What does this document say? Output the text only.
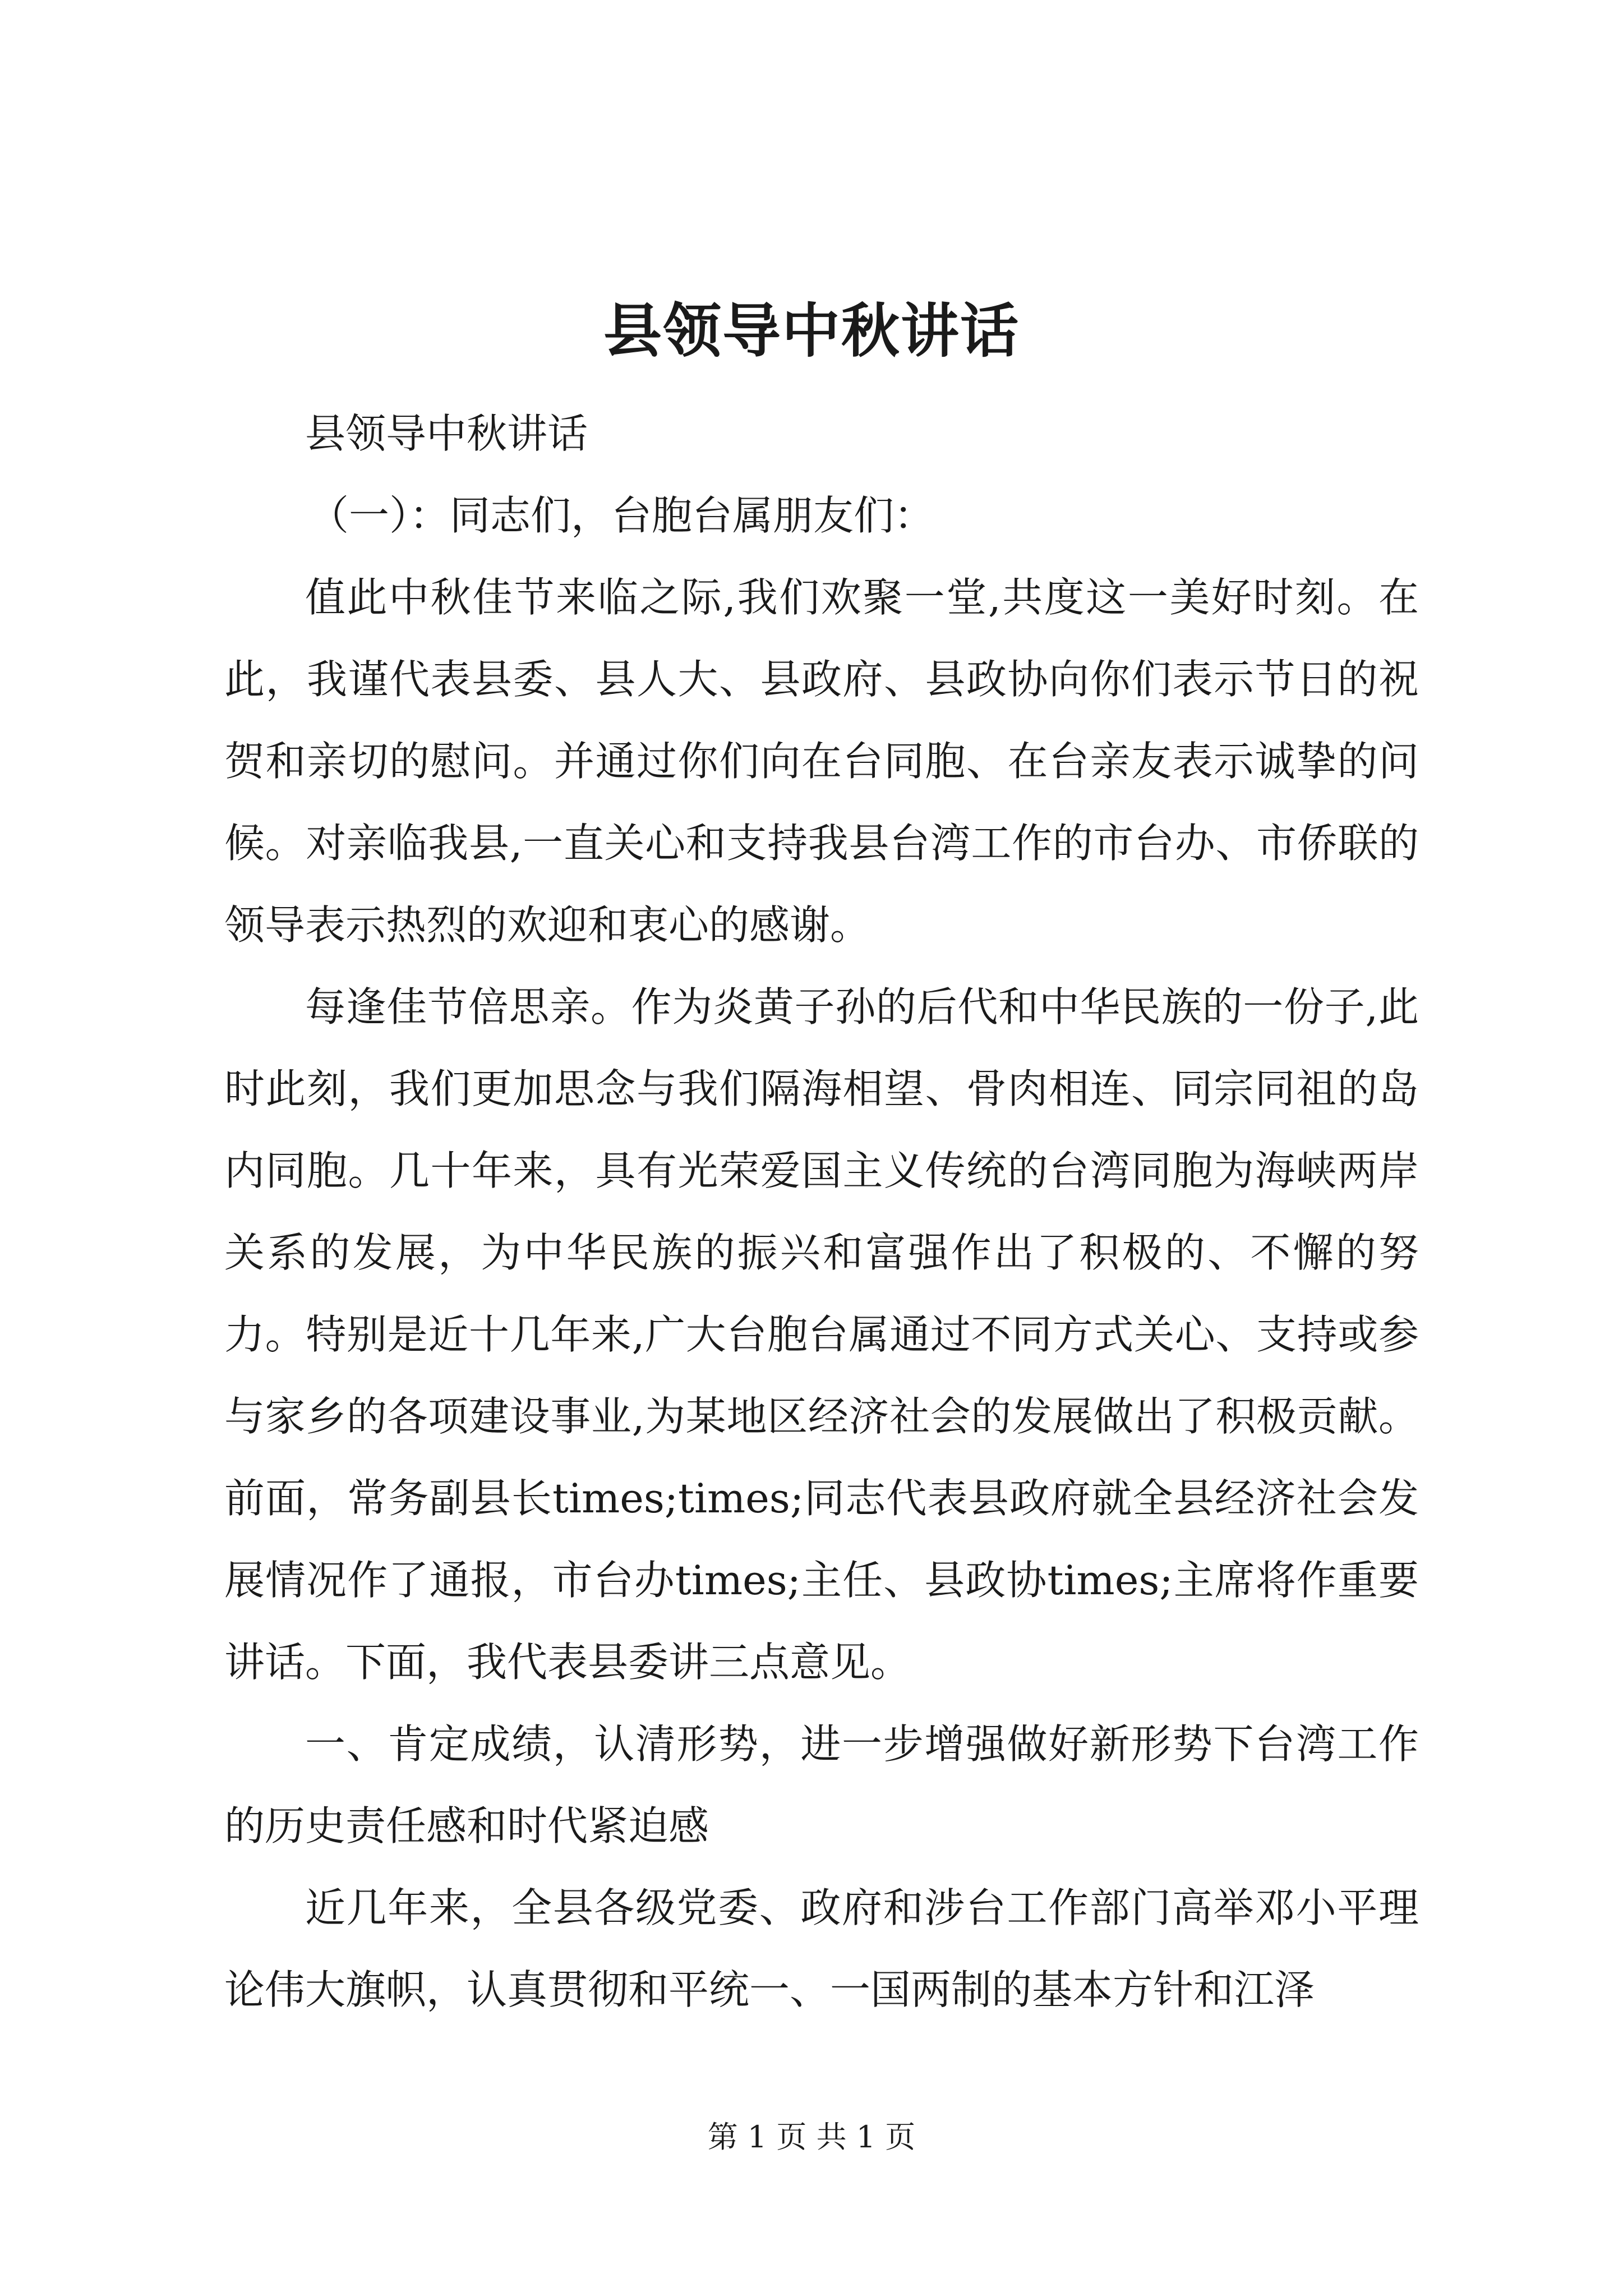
县领导中秋讲话

县领导中秋讲话

（一）：同志们，台胞台属朋友们：

值此中秋佳节来临之际,我们欢聚一堂,共度这一美好时刻。在此，我谨代表县委、县人大、县政府、县政协向你们表示节日的祝贺和亲切的慰问。并通过你们向在台同胞、在台亲友表示诚挚的问候。对亲临我县,一直关心和支持我县台湾工作的市台办、市侨联的领导表示热烈的欢迎和衷心的感谢。

每逢佳节倍思亲。作为炎黄子孙的后代和中华民族的一份子,此时此刻，我们更加思念与我们隔海相望、骨肉相连、同宗同祖的岛内同胞。几十年来，具有光荣爱国主义传统的台湾同胞为海峡两岸关系的发展，为中华民族的振兴和富强作出了积极的、不懈的努力。特别是近十几年来,广大台胞台属通过不同方式关心、支持或参与家乡的各项建设事业,为某地区经济社会的发展做出了积极贡献。前面，常务副县长times;times;同志代表县政府就全县经济社会发展情况作了通报，市台办times;主任、县政协times;主席将作重要讲话。下面，我代表县委讲三点意见。

一、肯定成绩，认清形势，进一步增强做好新形势下台湾工作的历史责任感和时代紧迫感

近几年来，全县各级党委、政府和涉台工作部门高举邓小平理论伟大旗帜，认真贯彻和平统一、一国两制的基本方针和江泽

第 1 页 共 1 页
